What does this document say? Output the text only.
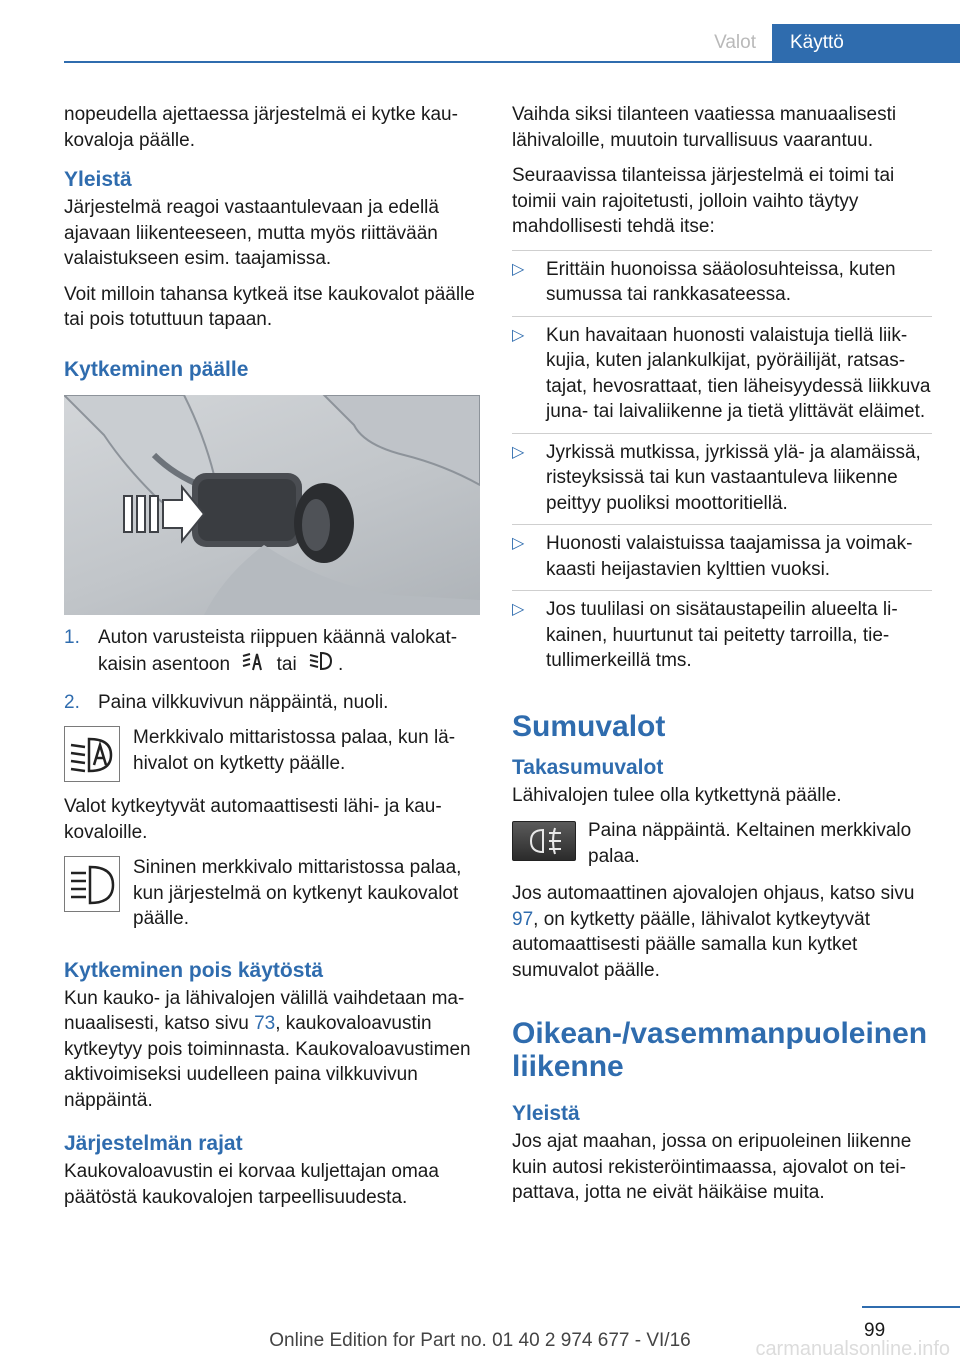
Valot	Käyttö

nopeudella ajettaessa järjestelmä ei kytke kaukovaloja päälle.

Yleistä

Järjestelmä reagoi vastaantulevaan ja edellä ajavaan liikenteeseen, mutta myös riittävään valaistukseen esim. taajamissa.

Voit milloin tahansa kytkeä itse kaukovalot päälle tai pois totuttuun tapaan.

Kytkeminen päälle
1. Auton varusteista riippuen käännä valokatkaisin asentoon tai .
2. Paina vilkkuvivun näppäintä, nuoli.

Merkkivalo mittaristossa palaa, kun lähivalot on kytketty päälle.

Valot kytkeytyvät automaattisesti lähi- ja kaukovaloille.

Sininen merkkivalo mittaristossa palaa, kun järjestelmä on kytkenyt kaukovalot päälle.

Kytkeminen pois käytöstä

Kun kauko- ja lähivalojen välillä vaihdetaan manuaalisesti, katso sivu 73, kaukovaloavustin kytkeytyy pois toiminnasta. Kaukovaloavustimen aktivoimiseksi uudelleen paina vilkkuvivun näppäintä.

Järjestelmän rajat

Kaukovaloavustin ei korvaa kuljettajan omaa päätöstä kaukovalojen tarpeellisuudesta.

Vaihda siksi tilanteen vaatiessa manuaalisesti lähivaloille, muutoin turvallisuus vaarantuu.

Seuraavissa tilanteissa järjestelmä ei toimi tai toimii vain rajoitetusti, jolloin vaihto täytyy mahdollisesti tehdä itse:

▷ Erittäin huonoissa sääolosuhteissa, kuten sumussa tai rankkasateessa.
▷ Kun havaitaan huonosti valaistuja tiellä liikkujia, kuten jalankulkijat, pyöräilijät, ratsastajat, hevosrattaat, tien läheisyydessä liikkuva juna- tai laivaliikenne ja tietä ylittävät eläimet.
▷ Jyrkissä mutkissa, jyrkissä ylä- ja alamäissä, risteyksissä tai kun vastaantuleva liikenne peittyy puoliksi moottoritiellä.
▷ Huonosti valaistuissa taajamissa ja voimakkaasti heijastavien kylttien vuoksi.
▷ Jos tuulilasi on sisätaustapeilin alueelta likainen, huurtunut tai peitetty tarroilla, tietullimerkeillä tms.
Sumuvalot
Takasumuvalot

Lähivalojen tulee olla kytkettynä päälle.

Paina näppäintä. Keltainen merkkivalo palaa.

Jos automaattinen ajovalojen ohjaus, katso sivu 97, on kytketty päälle, lähivalot kytkeytyvät automaattisesti päälle samalla kun kytket sumuvalot päälle.

Oikean-/vasemmanpuoleinen liikenne
Yleistä

Jos ajat maahan, jossa on eripuoleinen liikenne kuin autosi rekisteröintimaassa, ajovalot on teipattava, jotta ne eivät häikäise muita.

99
Online Edition for Part no. 01 40 2 974 677 - VI/16	carmanualsonline.info
